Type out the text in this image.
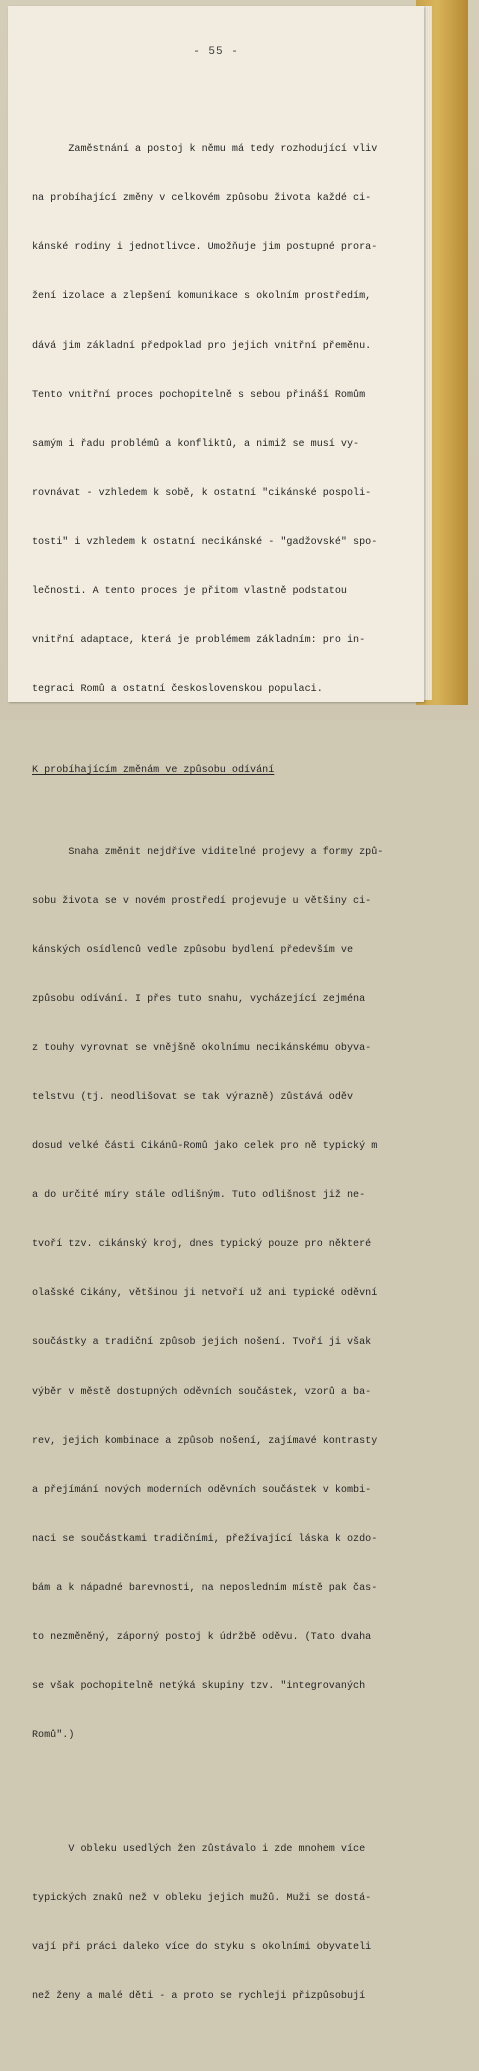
- 55 -

Zaměstnání a postoj k němu má tedy rozhodující vliv

na probíhající změny v celkovém způsobu života každé ci-

kánské rodiny i jednotlivce. Umožňuje jim postupné prora-

žení izolace a zlepšení komunikace s okolním prostředím,

dává jim základní předpoklad pro jejich vnitřní přeměnu.

Tento vnitřní proces pochopitelně s sebou přináší Romům

samým i řadu problémů a konfliktů, a nimiž se musí vy-

rovnávat - vzhledem k sobě, k ostatní "cikánské pospoli-

tosti" i vzhledem k ostatní necikánské - "gadžovské" spo-

lečnosti. A tento proces je přitom vlastně podstatou

vnitřní adaptace, která je problémem základním: pro in-

tegraci Romů a ostatní československou populaci.

K probíhajícím změnám ve způsobu odívání

Snaha změnit nejdříve viditelné projevy a formy způ-

sobu života se v novém prostředí projevuje u většiny ci-

kánských osídlenců vedle způsobu bydlení především ve

způsobu odívání. I přes tuto snahu, vycházející zejména

z touhy vyrovnat se vnějšně okolnímu necikánskému obyva-

telstvu (tj. neodlišovat se tak výrazně) zůstává oděv

dosud velké části Cikánů-Romů jako celek pro ně typický m

a do určité míry stále odlišným. Tuto odlišnost již ne-

tvoří tzv. cikánský kroj, dnes typický pouze pro některé

olašské Cikány, většinou ji netvoří už ani typické oděvní

součástky a tradiční způsob jejich nošení. Tvoří ji však

výběr v městě dostupných oděvních součástek, vzorů a ba-

rev, jejich kombinace a způsob nošení, zajímavé kontrasty

a přejímání nových moderních oděvních součástek v kombi-

naci se součástkami tradičními, přežívající láska k ozdo-

bám a k nápadné barevnosti, na neposledním místě pak čas-

to nezměněný, záporný postoj k údržbě oděvu. (Tato dvaha

se však pochopitelně netýká skupiny tzv. "integrovaných

Romů".)

V obleku usedlých žen zůstávalo i zde mnohem více

typických znaků než v obleku jejich mužů. Muži se dostá-

vají při práci daleko více do styku s okolními obyvateli

než ženy a malé děti - a proto se rychleji přizpůsobují
